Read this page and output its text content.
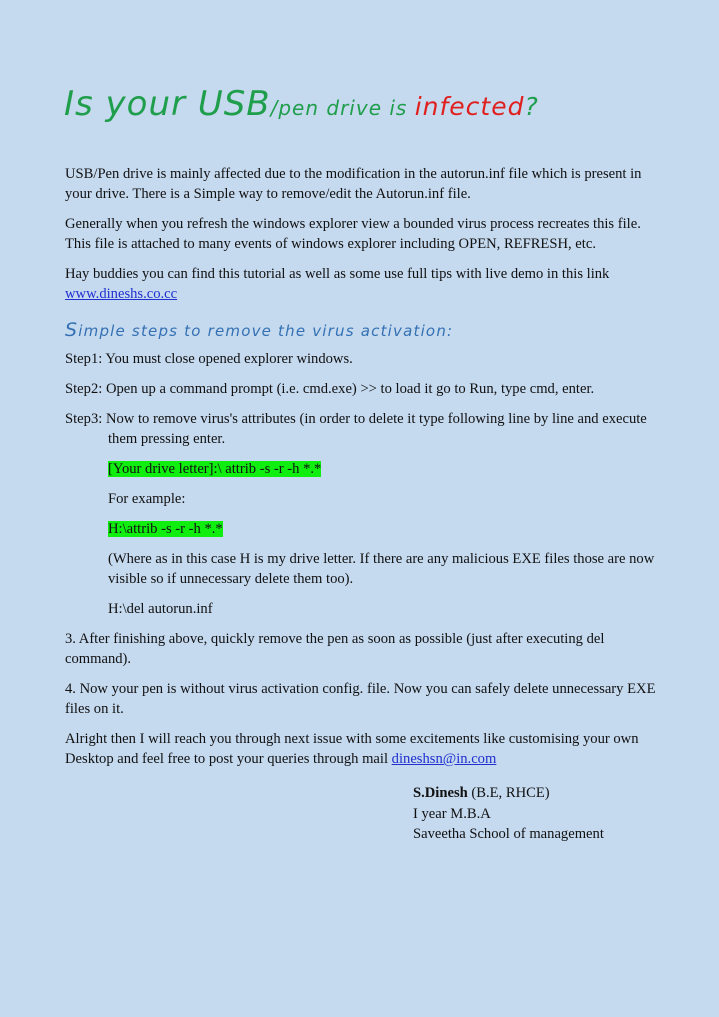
Is your USB/pen drive is infected?

USB/Pen drive is mainly affected due to the modification in the autorun.inf file which is present in your drive. There is a Simple way to remove/edit the Autorun.inf file.

Generally when you refresh the windows explorer view a bounded virus process recreates this file. This file is attached to many events of windows explorer including OPEN, REFRESH, etc.

Hay buddies you can find this tutorial as well as some use full tips with live demo in this link
www.dineshs.co.cc

Simple steps to remove the virus activation:

Step1: You must close opened explorer windows.

Step2: Open up a command prompt (i.e. cmd.exe) >> to load it go to Run, type cmd, enter.

Step3: Now to remove virus's attributes (in order to delete it type following line by line and execute them pressing enter.

[Your drive letter]:\ attrib -s -r -h *.*

For example:

H:\attrib -s -r -h *.*

(Where as in this case H is my drive letter. If there are any malicious EXE files those are now visible so if unnecessary delete them too).

H:\del autorun.inf

3. After finishing above, quickly remove the pen as soon as possible (just after executing del command).

4. Now your pen is without virus activation config. file. Now you can safely delete unnecessary EXE files on it.

Alright then I will reach you through next issue with some excitements like customising your own Desktop and feel free to post your queries through mail dineshsn@in.com

S.Dinesh (B.E, RHCE)
I year M.B.A
Saveetha School of management
